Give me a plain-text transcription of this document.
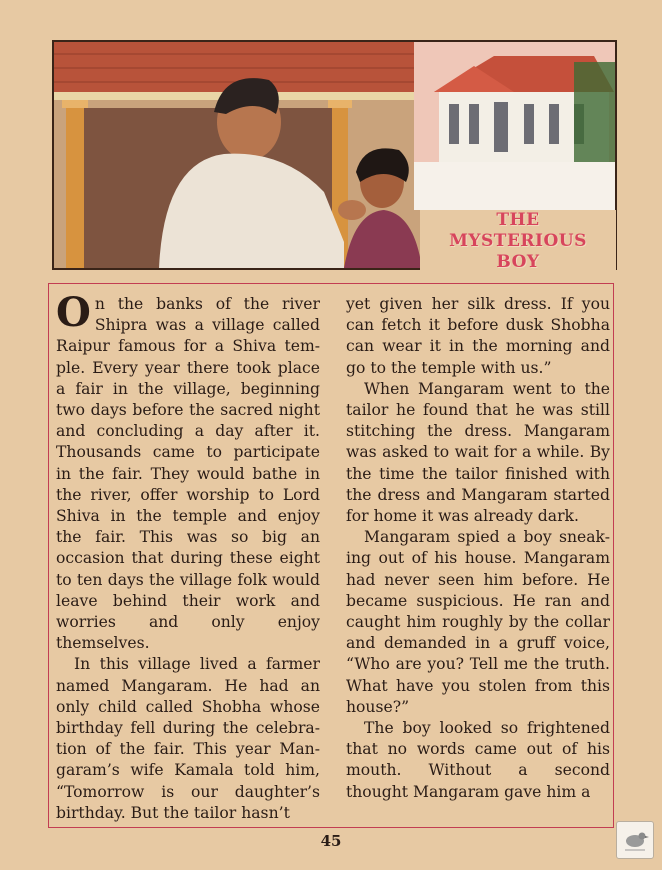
THE
MYSTERIOUS
BOY

On the banks of the river Shipra was a village called Raipur famous for a Shiva tem-ple. Every year there took place a fair in the village, beginning two days before the sacred night and concluding a day after it. Thousands came to participate in the fair. They would bathe in the river, offer worship to Lord Shiva in the temple and enjoy the fair. This was so big an occasion that during these eight to ten days the village folk would leave behind their work and worries and only enjoy themselves.

In this village lived a farmer named Mangaram. He had an only child called Shobha whose birthday fell during the celebra-tion of the fair. This year Man-garam’s wife Kamala told him, “Tomorrow is our daughter’s birthday. But the tailor hasn’t

yet given her silk dress. If you can fetch it before dusk Shobha can wear it in the morning and go to the temple with us.”

When Mangaram went to the tailor he found that he was still stitching the dress. Mangaram was asked to wait for a while. By the time the tailor finished with the dress and Mangaram started for home it was already dark.

Mangaram spied a boy sneak-ing out of his house. Mangaram had never seen him before. He became suspicious. He ran and caught him roughly by the collar and demanded in a gruff voice, “Who are you? Tell me the truth. What have you stolen from this house?”

The boy looked so frightened that no words came out of his mouth. Without a second thought Mangaram gave him a

45
